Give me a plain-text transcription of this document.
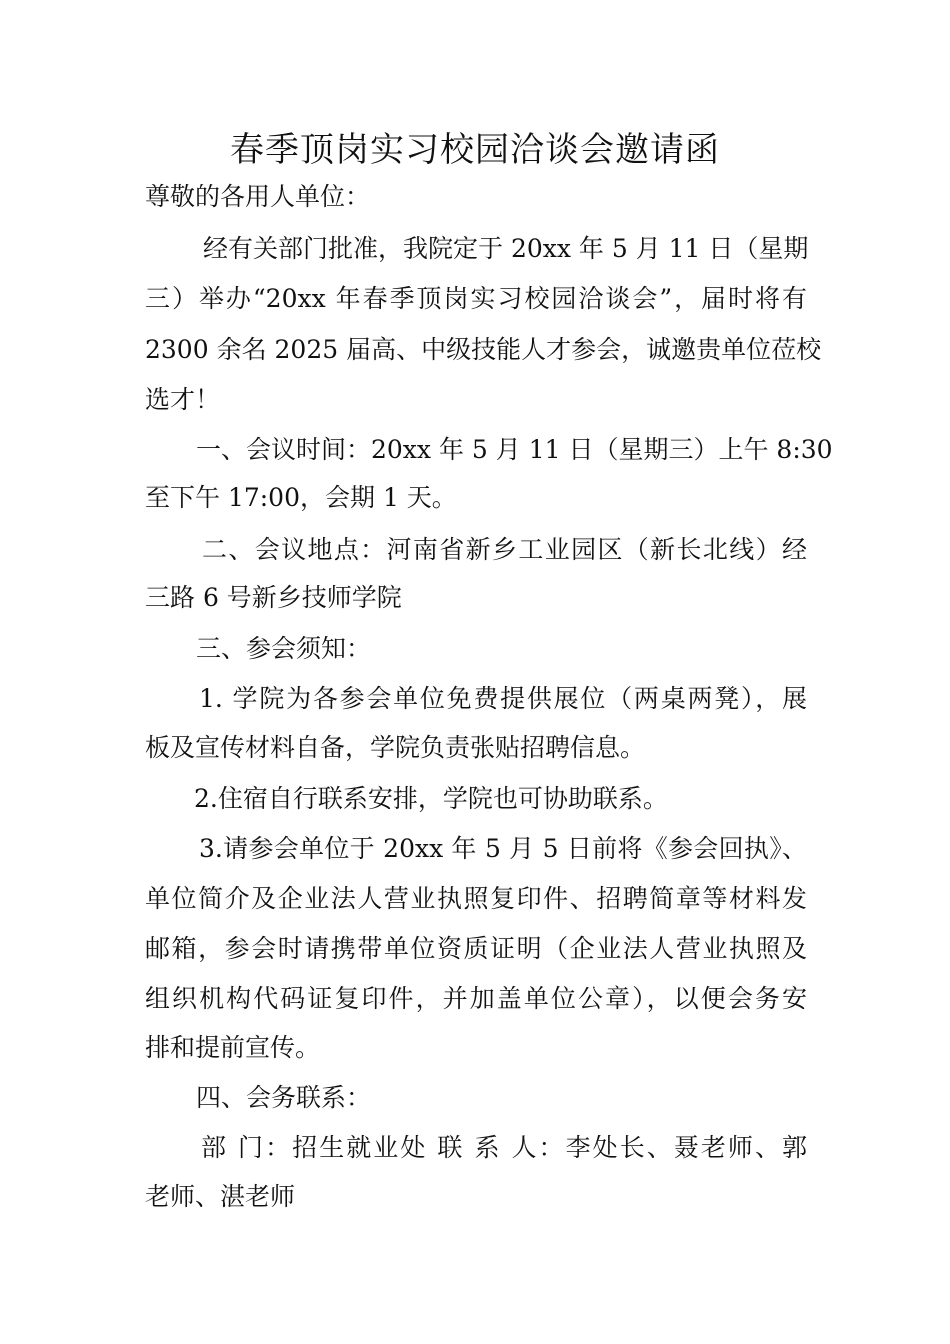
春季顶岗实习校园洽谈会邀请函
尊敬的各用人单位：
经有关部门批准，我院定于 20xx 年 5 月 11 日（星期
三）举办“20xx 年春季顶岗实习校园洽谈会”，届时将有
2300 余名 2025 届高、中级技能人才参会，诚邀贵单位莅校
选才！
一、会议时间：20xx 年 5 月 11 日（星期三）上午 8:30
至下午 17:00，会期 1 天。
二、会议地点：河南省新乡工业园区（新长北线）经
三路 6 号新乡技师学院
三、参会须知：
1. 学院为各参会单位免费提供展位（两桌两凳），展
板及宣传材料自备，学院负责张贴招聘信息。
2.住宿自行联系安排，学院也可协助联系。
3.请参会单位于 20xx 年 5 月 5 日前将《参会回执》、
单位简介及企业法人营业执照复印件、招聘简章等材料发
邮箱，参会时请携带单位资质证明（企业法人营业执照及
组织机构代码证复印件，并加盖单位公章），以便会务安
排和提前宣传。
四、会务联系：
部 门：招生就业处 联 系 人：李处长、聂老师、郭
老师、湛老师
